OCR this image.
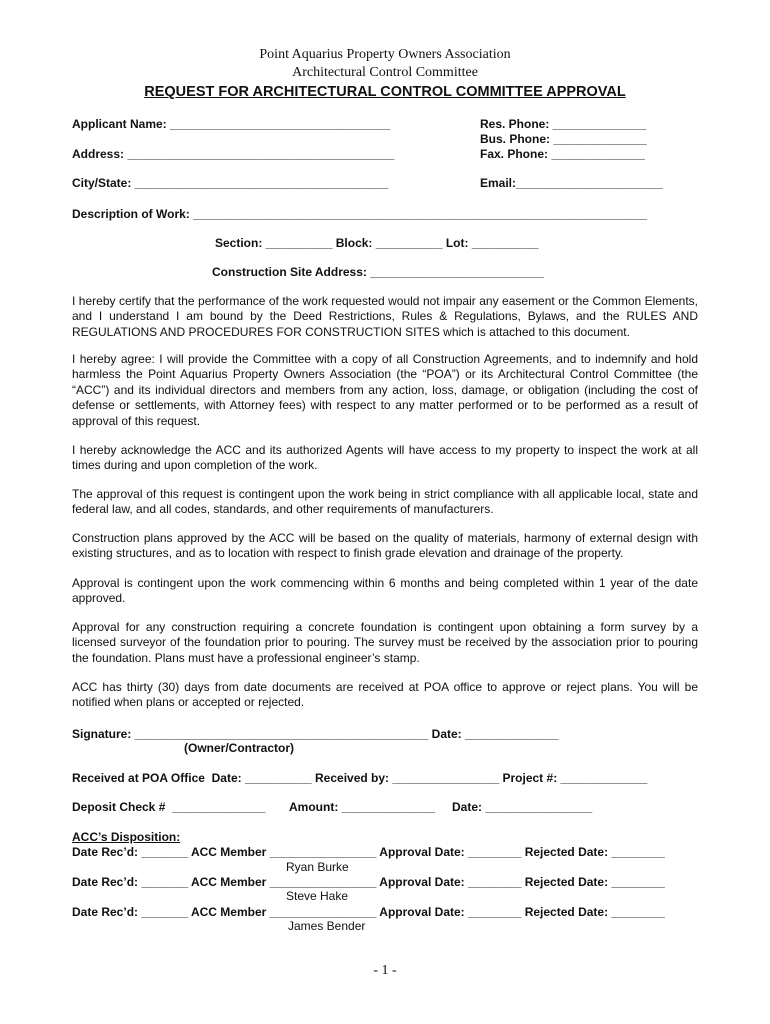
Point Aquarius Property Owners Association
Architectural Control Committee
REQUEST FOR ARCHITECTURAL CONTROL COMMITTEE APPROVAL
Applicant Name: _________________________________
Address: ________________________________________
City/State: ______________________________________
Res. Phone: ______________
Bus. Phone: ______________
Fax. Phone: ______________
Email:______________________
Description of Work: ____________________________________________________________________
Section: __________ Block: __________ Lot: __________
Construction Site Address: __________________________
I hereby certify that the performance of the work requested would not impair any easement or the Common Elements, and I understand I am bound by the Deed Restrictions, Rules & Regulations, Bylaws, and the RULES AND REGULATIONS AND PROCEDURES FOR CONSTRUCTION SITES which is attached to this document.
I hereby agree: I will provide the Committee with a copy of all Construction Agreements, and to indemnify and hold harmless the Point Aquarius Property Owners Association (the “POA”) or its Architectural Control Committee (the “ACC”) and its individual directors and members from any action, loss, damage, or obligation (including the cost of defense or settlements, with Attorney fees) with respect to any matter performed or to be performed as a result of approval of this request.
I hereby acknowledge the ACC and its authorized Agents will have access to my property to inspect the work at all times during and upon completion of the work.
The approval of this request is contingent upon the work being in strict compliance with all applicable local, state and federal law, and all codes, standards, and other requirements of manufacturers.
Construction plans approved by the ACC will be based on the quality of materials, harmony of external design with existing structures, and as to location with respect to finish grade elevation and drainage of the property.
Approval is contingent upon the work commencing within 6 months and being completed within 1 year of the date approved.
Approval for any construction requiring a concrete foundation is contingent upon obtaining a form survey by a licensed surveyor of the foundation prior to pouring. The survey must be received by the association prior to pouring the foundation. Plans must have a professional engineer’s stamp.
ACC has thirty (30) days from date documents are received at POA office to approve or reject plans. You will be notified when plans or accepted or rejected.
Signature: ____________________________________________ Date: ______________
(Owner/Contractor)
Received at POA Office  Date: __________ Received by: ________________ Project #: _____________
Deposit Check #  ______________ Amount: ______________ Date: ________________
ACC’s Disposition:
Date Rec’d: _______ ACC Member ________________ Approval Date: ________ Rejected Date: ________
Ryan Burke
Date Rec’d: _______ ACC Member ________________ Approval Date: ________ Rejected Date: ________
Steve Hake
Date Rec’d: _______ ACC Member ________________ Approval Date: ________ Rejected Date: ________
James Bender
- 1 -
